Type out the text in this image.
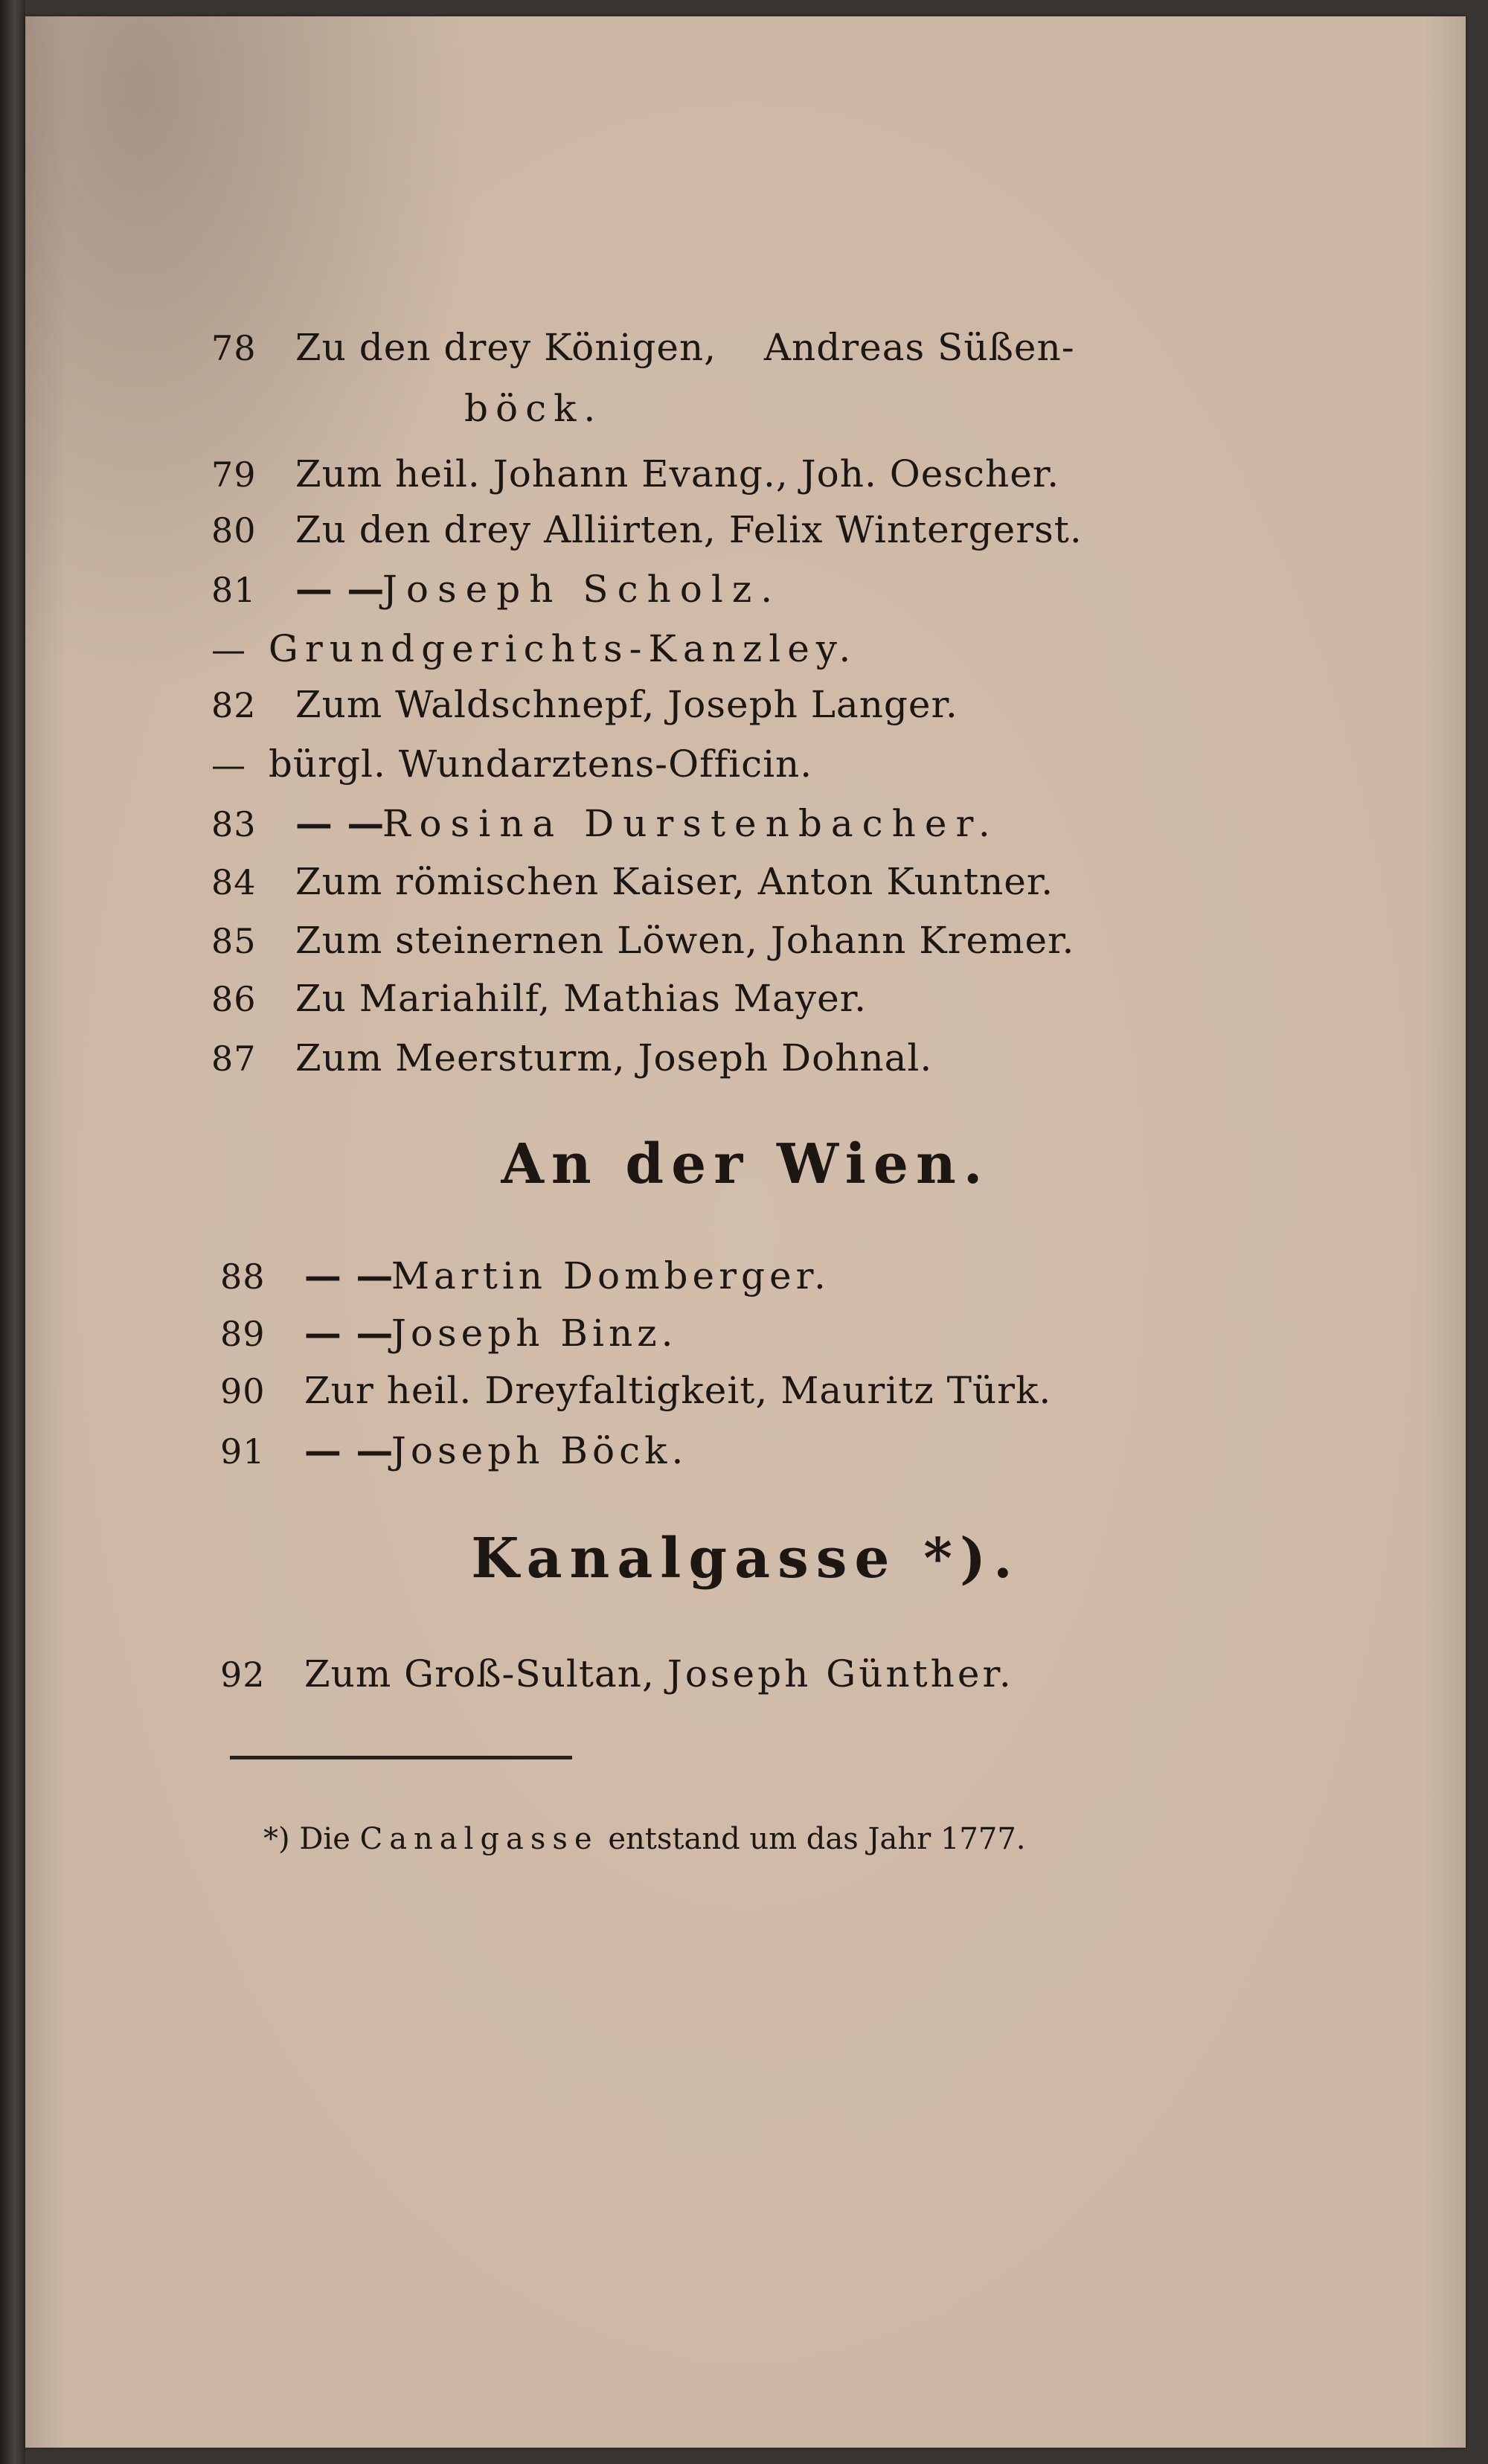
78 Zu den drey Königen, Andreas Süßen-
böck.
79 Zum heil. Johann Evang., Joh. Oescher.
80 Zu den drey Alliirten, Felix Wintergerst.
81 — — Joseph Scholz.
— Grundgerichts-Kanzley.
82 Zum Waldschnepf, Joseph Langer.
— bürgl. Wundarztens-Officin.
83 — — Rosina Durstenbacher.
84 Zum römischen Kaiser, Anton Kuntner.
85 Zum steinernen Löwen, Johann Kremer.
86 Zu Mariahilf, Mathias Mayer.
87 Zum Meersturm, Joseph Dohnal.
An der Wien.
88 — — Martin Domberger.
89 — — Joseph Binz.
90 Zur heil. Dreyfaltigkeit, Mauritz Türk.
91 — — Joseph Böck.
Kanalgasse *).
92 Zum Groß-Sultan, Joseph Günther.
*) Die Canalgasse entstand um das Jahr 1777.
